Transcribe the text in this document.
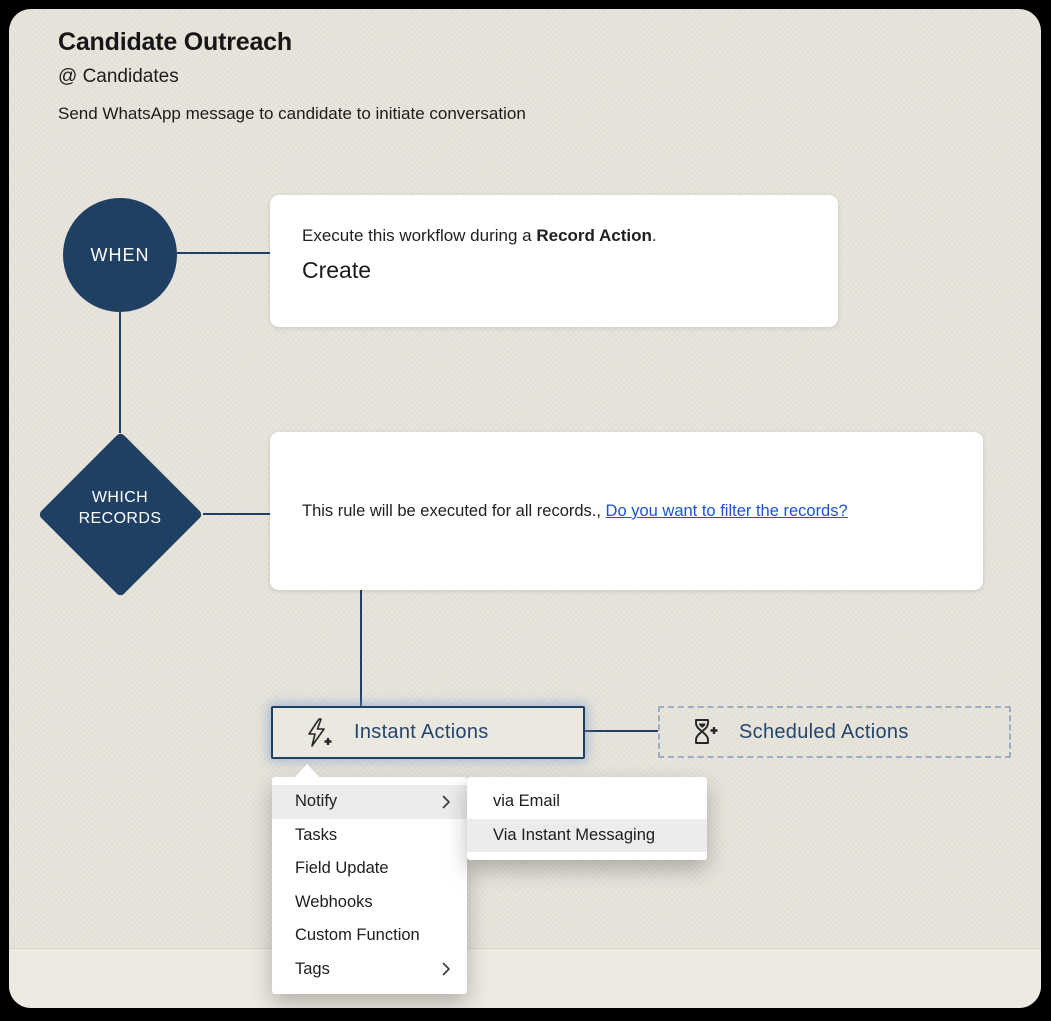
Candidate Outreach
@ Candidates
Send WhatsApp message to candidate to initiate conversation
WHEN
Execute this workflow during a Record Action.
Create
WHICH
RECORDS	This rule will be executed for all records., Do you want to filter the records?
Instant Actions	Scheduled Actions
Notify
Tasks
Field Update
Webhooks
Custom Function
Tags
via Email
Via Instant Messaging
